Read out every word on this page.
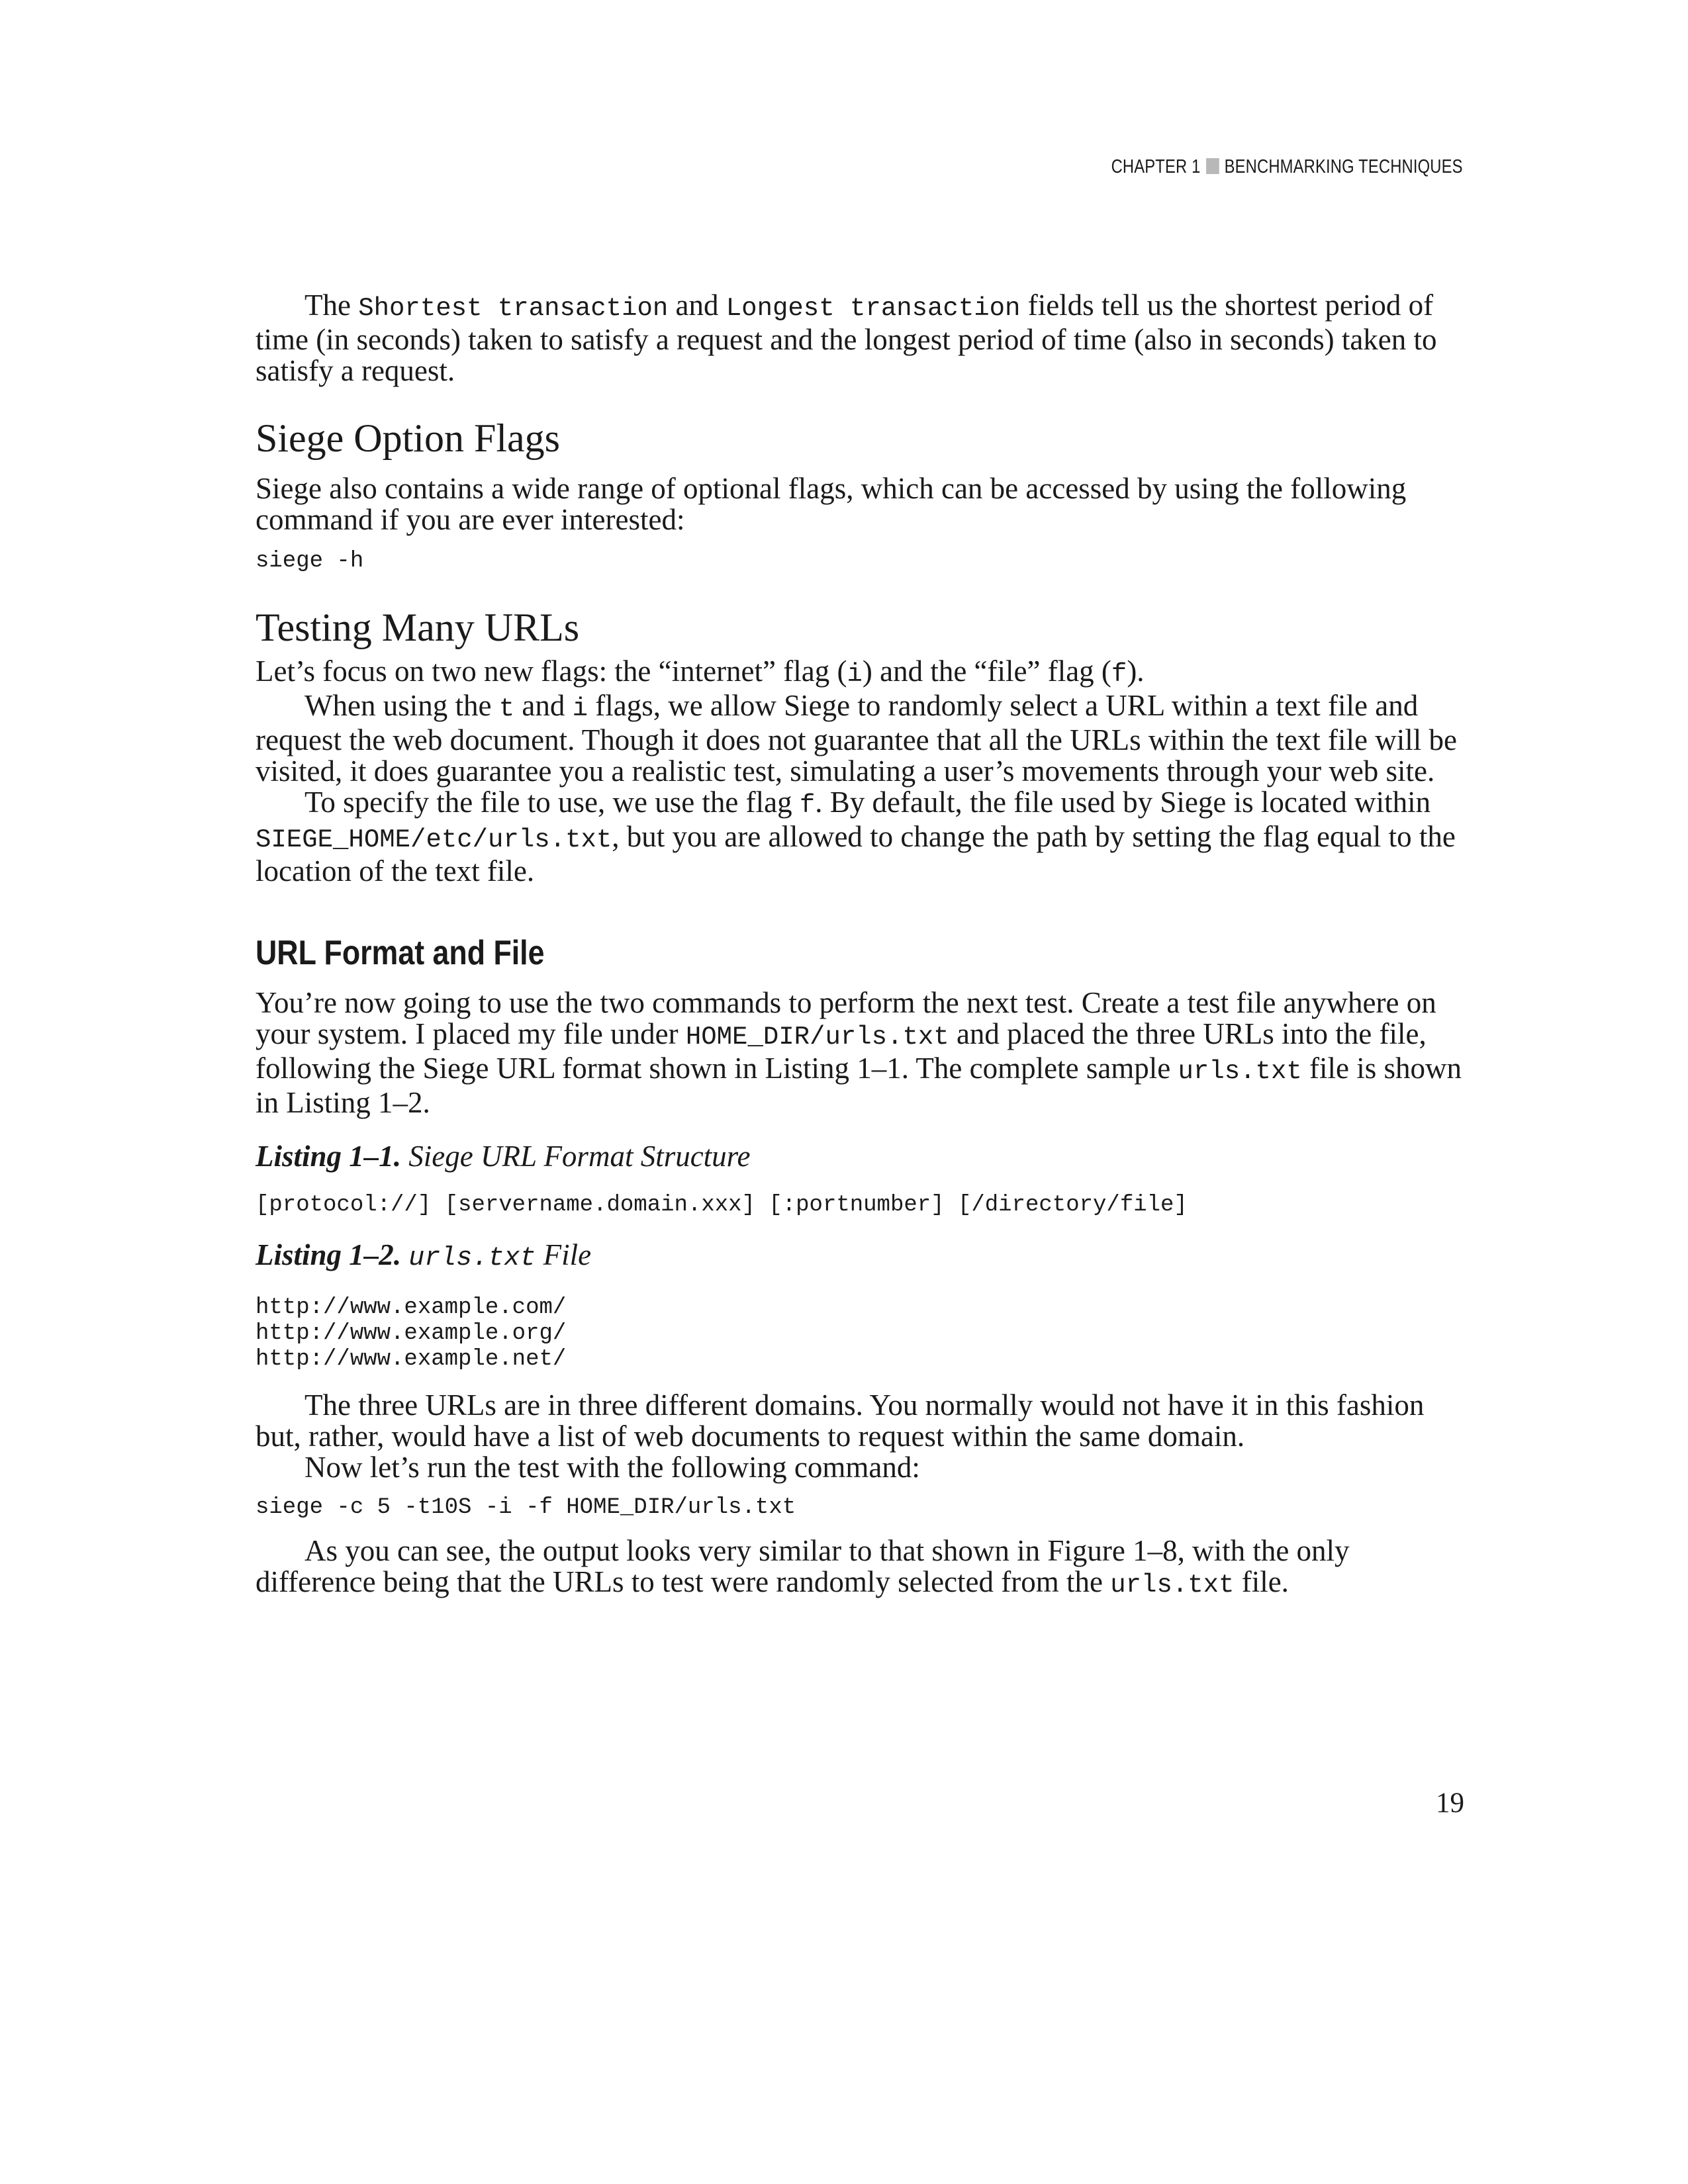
CHAPTER 1 BENCHMARKING TECHNIQUES

The Shortest transaction and Longest transaction fields tell us the shortest period of time (in seconds) taken to satisfy a request and the longest period of time (also in seconds) taken to satisfy a request.

Siege Option Flags

Siege also contains a wide range of optional flags, which can be accessed by using the following command if you are ever interested:

siege -h
Testing Many URLs

Let’s focus on two new flags: the “internet” flag (i) and the “file” flag (f).

When using the t and i flags, we allow Siege to randomly select a URL within a text file and request the web document. Though it does not guarantee that all the URLs within the text file will be visited, it does guarantee you a realistic test, simulating a user’s movements through your web site.

To specify the file to use, we use the flag f. By default, the file used by Siege is located within SIEGE_HOME/etc/urls.txt, but you are allowed to change the path by setting the flag equal to the location of the text file.

URL Format and File

You’re now going to use the two commands to perform the next test. Create a test file anywhere on your system. I placed my file under HOME_DIR/urls.txt and placed the three URLs into the file, following the Siege URL format shown in Listing 1–1. The complete sample urls.txt file is shown in Listing 1–2.

Listing 1–1. Siege URL Format Structure

[protocol://] [servername.domain.xxx] [:portnumber] [/directory/file]

Listing 1–2. urls.txt File

http://www.example.com/
http://www.example.org/
http://www.example.net/

The three URLs are in three different domains. You normally would not have it in this fashion but, rather, would have a list of web documents to request within the same domain.

Now let’s run the test with the following command:

siege -c 5 -t10S -i -f HOME_DIR/urls.txt

As you can see, the output looks very similar to that shown in Figure 1–8, with the only difference being that the URLs to test were randomly selected from the urls.txt file.

19
